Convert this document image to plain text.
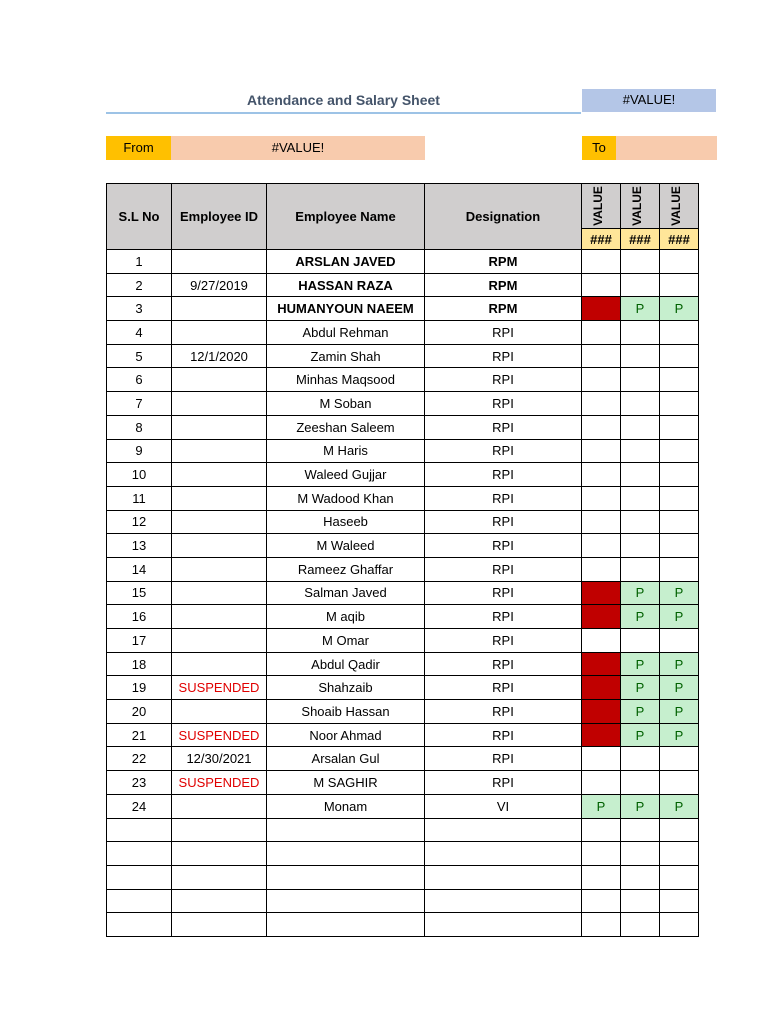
Attendance and Salary Sheet	#VALUE!
From	#VALUE!	To
S.L No	Employee ID	Employee Name	Designation	VALUE	VALUE	VALUE

				###	###	###
1		ARSLAN JAVED	RPM			
2	9/27/2019	HASSAN RAZA	RPM			
3		HUMANYOUN NAEEM	RPM		P	P
4		Abdul Rehman	RPI			
5	12/1/2020	Zamin Shah	RPI			
6		Minhas Maqsood	RPI			
7		M Soban	RPI			
8		Zeeshan Saleem	RPI			
9		M Haris	RPI			
10		Waleed Gujjar	RPI			
11		M Wadood Khan	RPI			
12		Haseeb	RPI			
13		M Waleed	RPI			
14		Rameez Ghaffar	RPI			
15		Salman Javed	RPI		P	P
16		M aqib	RPI		P	P
17		M Omar	RPI			
18		Abdul Qadir	RPI		P	P
19	SUSPENDED	Shahzaib	RPI		P	P
20		Shoaib Hassan	RPI		P	P
21	SUSPENDED	Noor Ahmad	RPI		P	P
22	12/30/2021	Arsalan Gul	RPI			
23	SUSPENDED	M SAGHIR	RPI			
24		Monam	VI	P	P	P
